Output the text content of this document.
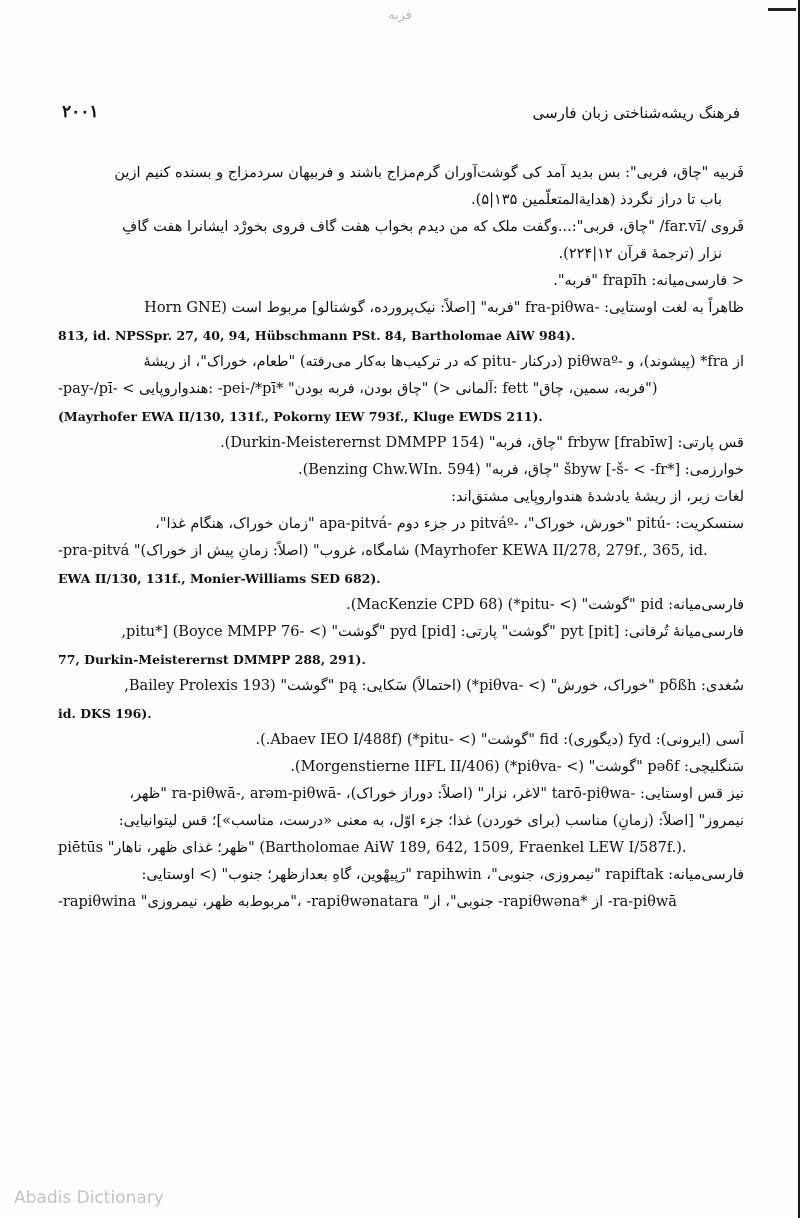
فربه
۲۰۰۱	فرهنگ ریشه‌شناختی زبان فارسی
فَربیه "چاق، فربی": بس بدید آمد کی گوشت‌آوران گرم‌مزاج باشند و فربیهان سردمزاج و بسنده کنیم ازین
باب تا دراز نگردذ (هدایةالمتعلّمین ۱۳۵|۵).
فَروی /far.vī/ "چاق، فربی":...وگفت ملک که من دیدم بخواب هفت گاف فروی بخورْد ایشانرا هفت گافِ
نزار (ترجمهٔ قرآن ۱۲|۲۲۴).
< فارسی‌میانه: frapīh "فربه".
ظاهراً به لغت اوستایی: -fra-piθwa "فربه" [اصلاً: نیک‌پرورده، گوشتالو] مربوط است (Horn GNE
813, id. NPSSpr. 27, 40, 94, Hübschmann PSt. 84, Bartholomae AiW 984).
از fra* (پیشوند)، و -piθwaº (درکنار -pitu که در ترکیب‌ها به‌کار می‌رفته) "طعام، خوراک"، از ریشهٔ
-pay-/pī- < هندواروپایی: -pei-/*pī* "چاق بودن، فربه بودن" (> آلمانی: fett "فربه، سمین، چاق")
(Mayrhofer EWA II/130, 131f., Pokorny IEW 793f., Kluge EWDS 211).
قس پارتی: frbyw [frabīw] "چاق، فربه" (Durkin-Meisterernst DMMPP 154).
خوارزمی: šbyw [-š- < -fr*] "چاق، فربه" (Benzing Chw.WIn. 594).
لغات زیر، از ریشهٔ یادشدهٔ هندواروپایی مشتق‌اند:
سنسکریت: -pitú "خورش، خوراک"، -pitváº در جزء دوم -apa-pitvá "زمان خوراک، هنگام غذا"،
-pra-pitvá "شامگاه، غروب" (اصلاً: زمانِ پیش از خوراک) (Mayrhofer KEWA II/278, 279f., 365, id.
EWA II/130, 131f., Monier-Williams SED 682).
فارسی‌میانه: pid "گوشت" (> -pitu*) (MacKenzie CPD 68).
فارسی‌میانهٔ تُرفانی: pyt [pit] "گوشت" پارتی: pyd [pid] "گوشت" (> -pitu*] (Boyce MMPP 76,
77, Durkin-Meisterernst DMMPP 288, 291).
سُغدی: pδßh "خوراک، خورش" (> -piθva*) (احتمالاً) سَکایی: pą "گوشت" (Bailey Prolexis 193,
id. DKS 196).
آسی (ایرونی): fyd (دیگوری): fid "گوشت" (> -pitu*) (Abaev IEO I/488f.).
سَنگلیچی: pəδf "گوشت" (> -piθva*) (Morgenstierne IIFL II/406).
نیز قس اوستایی: -tarō-piθwa "لاغر، نزار" (اصلاً: دوراز خوراک)، -ra-piθwā-, arəm-piθwā "ظهر،
نیمروز" [اصلاً: (زمانِ) مناسب (برای خوردن) غذا؛ جزء اوّل، به معنی «درست، مناسب»]؛ قس لیتوانیایی:
piētūs "ظهر؛ غذای ظهر، ناهار" (Bartholomae AiW 189, 642, 1509, Fraenkel LEW I/587f.).
فارسی‌میانه: rapiftak "نیمروزی، جنوبی"، rapihwin "رَپیهْوین، گاهِ بعدازظهر؛ جنوب" (> اوستایی:
-rapiθwina "مربوط‌به ظهر، نیمروزی"، -rapiθwənatara "جنوبی"، از -rapiθwəna* از -ra-piθwā
Abadis Dictionary
